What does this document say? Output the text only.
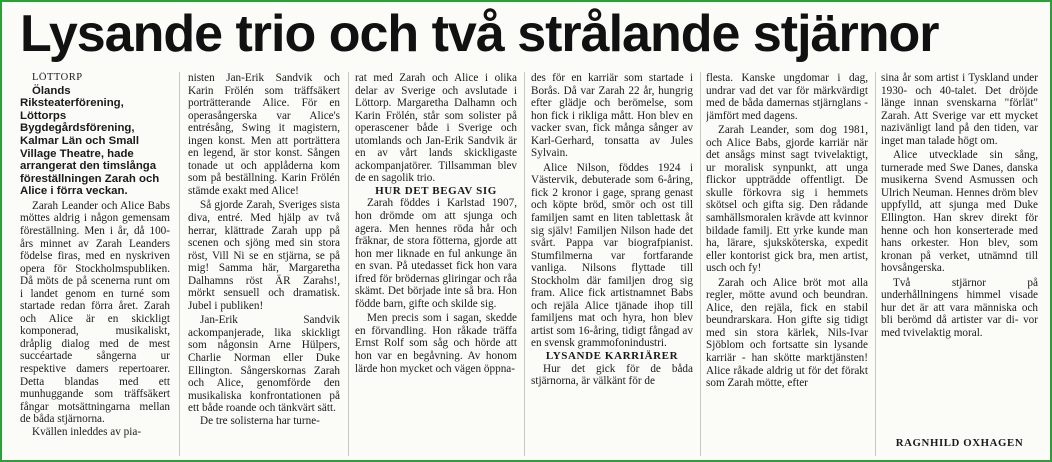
Lysande trio och två strålande stjärnor

LÖTTORP

Ölands Riksteaterförening, Löttorps Bygdegårdsförening, Kalmar Län och Small Village Theatre, hade arrangerat den timslånga föreställningen Zarah och Alice i förra veckan.

Zarah Leander och Alice Babs möttes aldrig i någon gemensam föreställning. Men i år, då 100-års minnet av Zarah Leanders födelse firas, med en nyskriven opera för Stockholmspubliken. Då möts de på scenerna runt om i landet genom en turné som startade redan förra året. Zarah och Alice är en skickligt komponerad, musikaliskt, dråplig dialog med de mest succéartade sångerna ur respektive damers repertoarer. Detta blandas med ett munhuggande som träffsäkert fångar motsättningarna mellan de båda stjärnorna.

Kvällen inleddes av pia-

nisten Jan-Erik Sandvik och Karin Frölén som träffsäkert porträtterande Alice. För en operasångerska var Alice's entrésång, Swing it magistern, ingen konst. Men att porträttera en legend, är stor konst. Sången tonade ut och applåderna kom som på beställning. Karin Frölén stämde exakt med Alice!

Så gjorde Zarah, Sveriges sista diva, entré. Med hjälp av två herrar, klättrade Zarah upp på scenen och sjöng med sin stora röst, Vill Ni se en stjärna, se på mig! Samma här, Margaretha Dalhamns röst ÄR Zarahs!, mörkt sensuell och dramatisk. Jubel i publiken!

Jan-Erik Sandvik ackompanjerade, lika skickligt som någonsin Arne Hülpers, Charlie Norman eller Duke Ellington. Sångerskornas Zarah och Alice, genomförde den musikaliska konfrontationen på ett både roande och tänkvärt sätt.

De tre solisterna har turne-

rat med Zarah och Alice i olika delar av Sverige och avslutade i Löttorp. Margaretha Dalhamn och Karin Frölén, står som solister på operascener både i Sverige och utomlands och Jan-Erik Sandvik är en av vårt lands skickligaste ackompanjatörer. Tillsamman blev de en sagolik trio.

HUR DET BEGAV SIG

Zarah föddes i Karlstad 1907, hon drömde om att sjunga och agera. Men hennes röda hår och fräknar, de stora fötterna, gjorde att hon mer liknade en ful ankunge än en svan. På utedasset fick hon vara ifred för brödernas gliringar och råa skämt. Det började inte så bra. Hon födde barn, gifte och skilde sig.

Men precis som i sagan, skedde en förvandling. Hon råkade träffa Ernst Rolf som såg och hörde att hon var en begåvning. Av honom lärde hon mycket och vägen öppna-

des för en karriär som startade i Borås. Då var Zarah 22 år, hungrig efter glädje och berömelse, som hon fick i rikliga mått. Hon blev en vacker svan, fick många sånger av Karl-Gerhard, tonsatta av Jules Sylvain.

Alice Nilson, föddes 1924 i Västervik, debuterade som 6-åring, fick 2 kronor i gage, sprang genast och köpte bröd, smör och ost till familjen samt en liten tablettask åt sig själv! Familjen Nilson hade det svårt. Pappa var biografpianist. Stumfilmerna var fortfarande vanliga. Nilsons flyttade till Stockholm där familjen drog sig fram. Alice fick artistnamnet Babs och rejäla Alice tjänade ihop till familjens mat och hyra, hon blev artist som 16-åring, tidigt fångad av en svensk grammofonindustri.

LYSANDE KARRIÄRER

Hur det gick för de båda stjärnorna, är välkänt för de

flesta. Kanske ungdomar i dag, undrar vad det var för märkvärdigt med de båda damernas stjärnglans - jämfört med dagens.

Zarah Leander, som dog 1981, och Alice Babs, gjorde karriär när det ansågs minst sagt tvivelaktigt, ur moralisk synpunkt, att unga flickor uppträdde offentligt. De skulle förkovra sig i hemmets skötsel och gifta sig. Den rådande samhällsmoralen krävde att kvinnor bildade familj. Ett yrke kunde man ha, lärare, sjuksköterska, expedit eller kontorist gick bra, men artist, usch och fy!

Zarah och Alice bröt mot alla regler, möttе avund och beundran. Alice, den rejäla, fick en stabil beundrarskara. Hon gifte sig tidigt med sin stora kärlek, Nils-Ivar Sjöblom och fortsatte sin lysande karriär - han skötte marktjänsten! Alice råkade aldrig ut för det förakt som Zarah mötte, efter

sina år som artist i Tyskland under 1930- och 40-talet. Det dröjde länge innan svenskarna "förlät" Zarah. Att Sverige var ett mycket nazivänligt land på den tiden, var inget man talade högt om.

Alice utvecklade sin sång, turnerade med Swe Danes, danska musikerna Svend Asmussen och Ulrich Neuman. Hennes dröm blev uppfylld, att sjunga med Duke Ellington. Han skrev direkt för henne och hon konserterade med hans orkester. Hon blev, som kronan på verket, utnämnd till hovsångerska.

Två stjärnor på underhållningens himmel visade hur det är att vara människa och bli berömd då artister var di- vor med tvivelaktig moral.

RAGNHILD OXHAGEN
